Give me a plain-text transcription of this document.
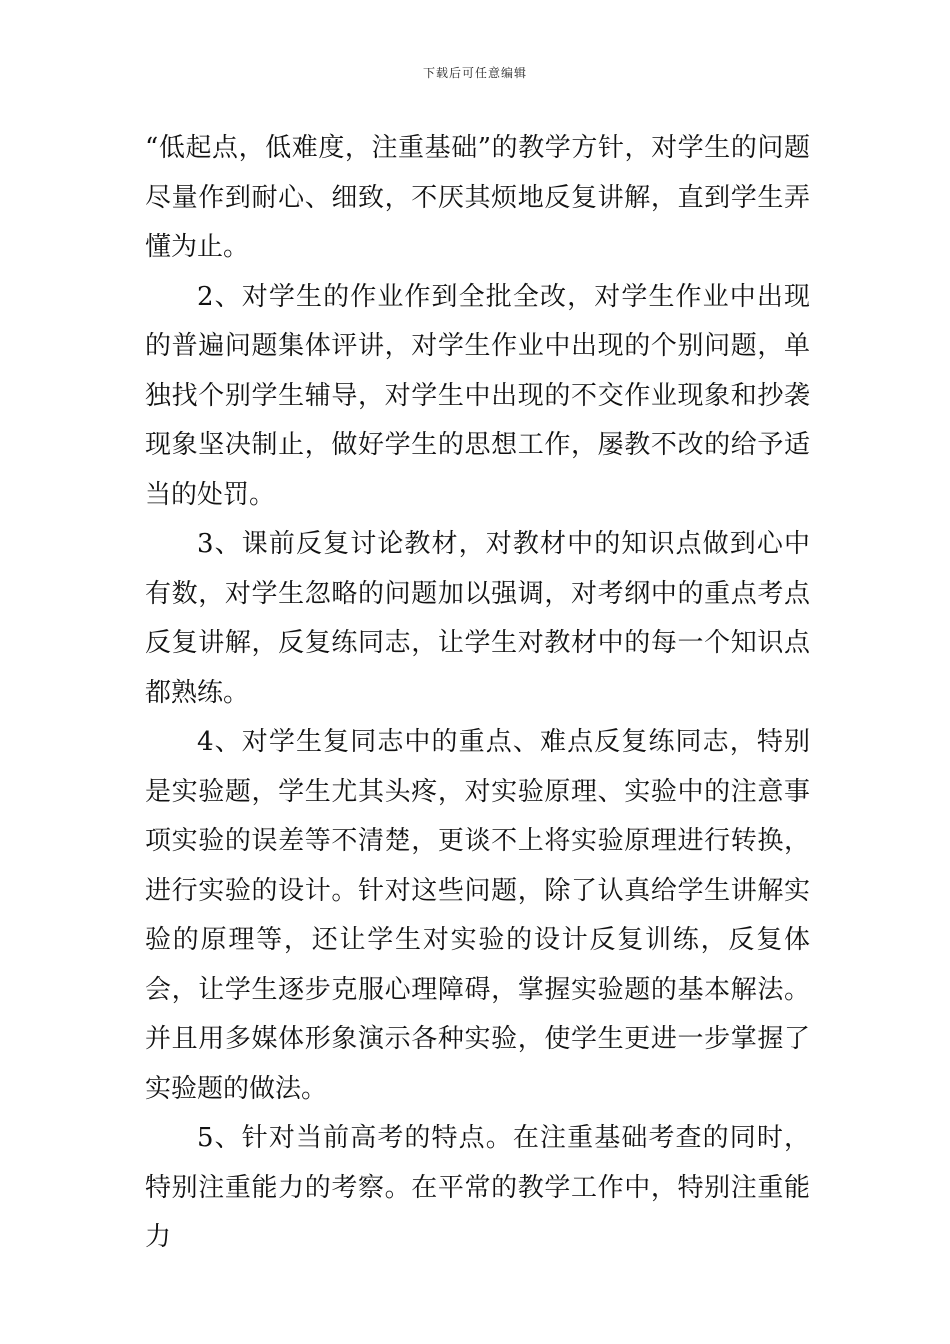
下载后可任意编辑

“低起点，低难度，注重基础”的教学方针，对学生的问题尽量作到耐心、细致，不厌其烦地反复讲解，直到学生弄懂为止。

2、对学生的作业作到全批全改，对学生作业中出现的普遍问题集体评讲，对学生作业中出现的个别问题，单独找个别学生辅导，对学生中出现的不交作业现象和抄袭现象坚决制止，做好学生的思想工作，屡教不改的给予适当的处罚。

3、课前反复讨论教材，对教材中的知识点做到心中有数，对学生忽略的问题加以强调，对考纲中的重点考点反复讲解，反复练同志，让学生对教材中的每一个知识点都熟练。

4、对学生复同志中的重点、难点反复练同志，特别是实验题，学生尤其头疼，对实验原理、实验中的注意事项实验的误差等不清楚，更谈不上将实验原理进行转换，进行实验的设计。针对这些问题，除了认真给学生讲解实验的原理等，还让学生对实验的设计反复训练，反复体会，让学生逐步克服心理障碍，掌握实验题的基本解法。并且用多媒体形象演示各种实验，使学生更进一步掌握了实验题的做法。

5、针对当前高考的特点。在注重基础考查的同时，特别注重能力的考察。在平常的教学工作中，特别注重能力
